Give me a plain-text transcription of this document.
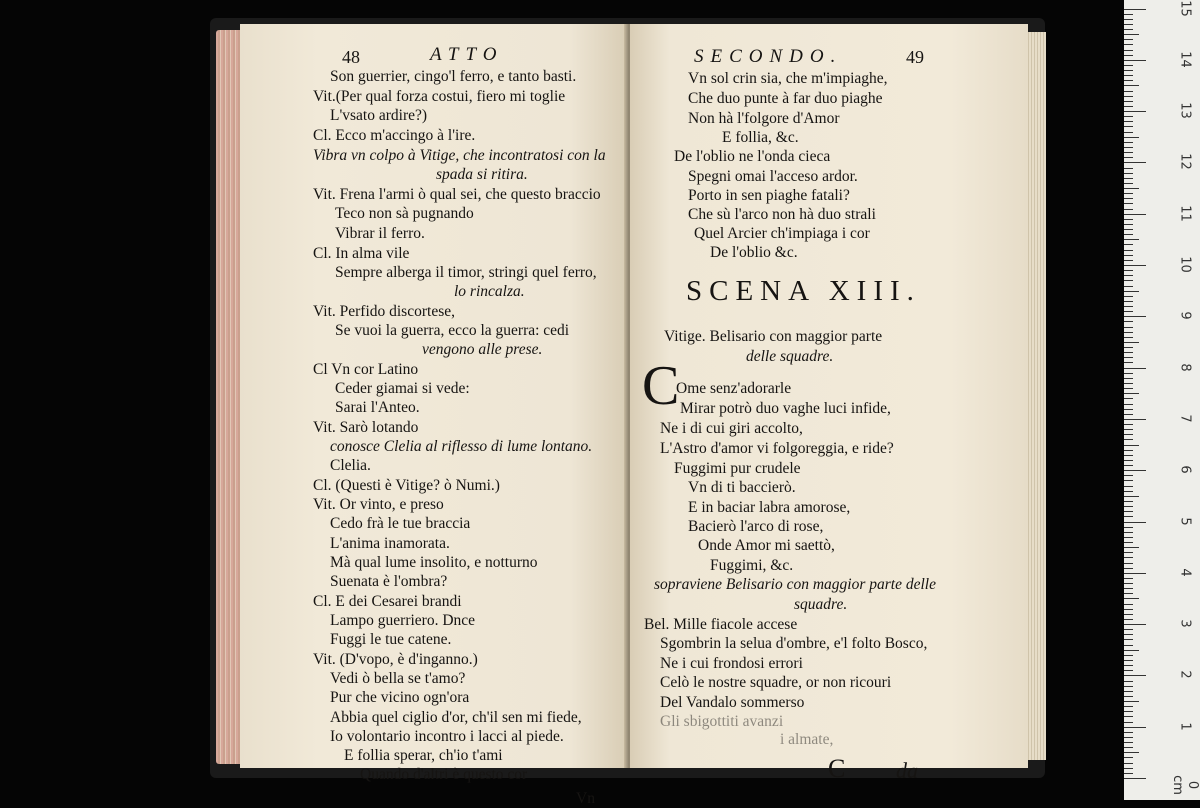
0 cm
1
2
3
4
5
6
7
8
9
10
11
12
13
14
15
48	ATTO
Son guerrier, cingo'l ferro, e tanto basti.
Vit.(Per qual forza costui, fiero mi toglie
L'vsato ardire?)
Cl. Ecco m'accingo à l'ire.
Vibra vn colpo à Vitige, che incontratosi con la
spada si ritira.
Vit. Frena l'armi ò qual sei, che questo braccio
Teco non sà pugnando
Vibrar il ferro.
Cl. In alma vile
Sempre alberga il timor, stringi quel ferro,
lo rincalza.
Vit. Perfido discortese,
Se vuoi la guerra, ecco la guerra: cedi
vengono alle prese.
Cl Vn cor Latino
Ceder giamai si vede:
Sarai l'Anteo.
Vit. Sarò lotando
conosce Clelia al riflesso di lume lontano.
Clelia.
Cl. (Questi è Vitige? ò Numi.)
Vit. Or vinto, e preso
Cedo frà le tue braccia
L'anima inamorata.
Mà qual lume insolito, e notturno
Suenata è l'ombra?
Cl. E dei Cesarei brandi
Lampo guerriero. Dnce
Fuggi le tue catene.
Vit. (D'vopo, è d'inganno.)
Vedi ò bella se t'amo?
Pur che vicino ogn'ora
Abbia quel ciglio d'or, ch'il sen mi fiede,
Io volontario incontro i lacci al piede.
E follia sperar, ch'io t'ami
Quando d'altri è questo cor
Vn
SECONDO.	49
Vn sol crin sia, che m'impiaghe,
Che duo punte à far duo piaghe
Non hà l'folgore d'Amor
E follia, &c.
De l'oblio ne l'onda cieca
Spegni omai l'acceso ardor.
Porto in sen piaghe fatali?
Che sù l'arco non hà duo strali
Quel Arcier ch'impiaga i cor
De l'oblio &c.
SCENA XIII.
Vitige. Belisario con maggior parte
delle squadre.
C
Ome senz'adorarle
Mirar potrò duo vaghe luci infide,
Ne i di cui giri accolto,
L'Astro d'amor vi folgoreggia, e ride?
Fuggimi pur crudele
Vn di ti baccierò.
E in baciar labra amorose,
Bacierò l'arco di rose,
Onde Amor mi saettò,
Fuggimi, &c.
sopraviene Belisario con maggior parte delle
squadre.
Bel. Mille fiacole accese
Sgombrin la selua d'ombre, e'l folto Bosco,
Ne i cui frondosi errori
Celò le nostre squadre, or non ricouri
Del Vandalo sommerso
Gli sbigottiti avanzi
i almate,
C da
